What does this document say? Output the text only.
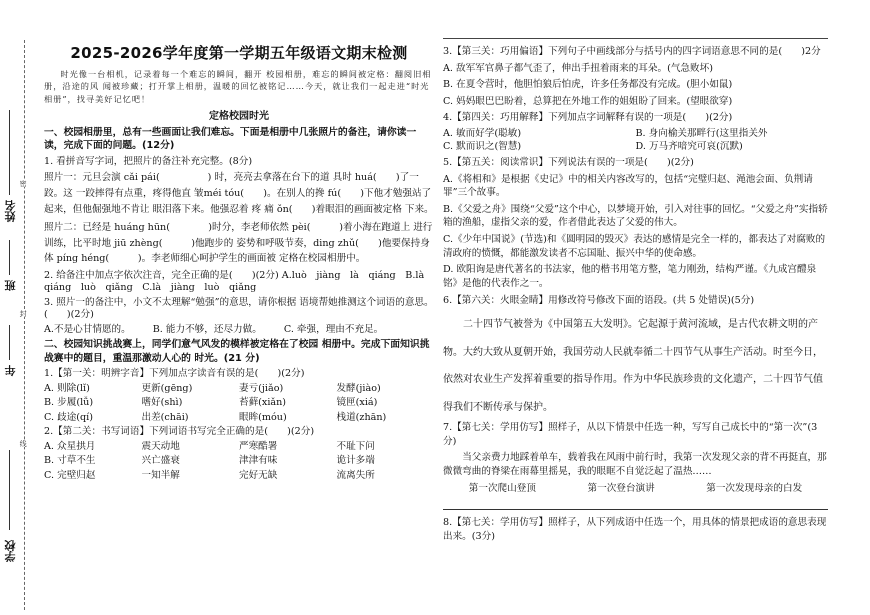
学校
年
班
姓名
密
封
线
2025-2026学年度第一学期五年级语文期末检测

时光像一台相机，记录着每一个难忘的瞬间，翻开 校园相册，难忘的瞬间被定格：翻阅旧相册，沿途的风 闻被珍藏；打开掌上相册，温暖的回忆被铭记……今天，就让我们一起走进“时光相册”，找寻美好记忆吧！

定格校园时光
一、校园相册里，总有一些画面让我们难忘。下面是相册中几张照片的备注，请你读一读，完成下面的问题。(12分)

1. 看拼音写字词，把照片的备注补充完整。(8分)

照片一：元旦会演 cǎi pái(　　　　　) 时，亮亮去拿落在台下的道 具时 huá(　　)了一跤。这 一跤摔得有点重，疼得他直 皱méi tóu(　　)。在别人的搀 fú(　　)下他才勉强站了起来，但他倔强地不肯让 眼泪落下来。他强忍着 疼 痛 ǒn(　　)着眼泪的画面被定格 下来。

照片二：已经是 huáng hūn(　　　　)时分，李老师依然 pèi(　　　)着小海在跑道上 进行训练，比平时地 jiū zhèng(　　　)他跑步的 姿势和呼吸节奏，ding zhǔ(　　)他要保持身体 píng héng(　　　)。李老师细心呵护学生的画面被 定格在校园相册中。

2. 给备注中加点字依次注音，完全正确的是(　　)(2分) A.luò　jiàng　là　qiáng　B.là　qiáng　luò　qiǎng　C.là　jiàng　luò　qiǎng

3. 照片一的备注中，小文不太理解“勉强”的意思，请你根据 语境帮她推测这个词语的意思。(　　)(2分)

A.不是心甘情愿的。 B. 能力不够，还尽力做。 C. 牵强，理由不充足。
二、校园知识挑战赛上，同学们意气风发的模样被定格在了校园 相册中。完成下面知识挑战赛中的题目，重温那激动人心的 时光。(21 分)

1.【第一关：明辨字音】下列加点字读音有误的是(　　)(2分)

A. 则除(lǐ)	更新(gēng)	妻亏(jiǎo)	发酵(jiào)
B. 步履(lǚ)	嗜好(shì)	苔藓(xiǎn)	镜匣(xiá)
C. 歧途(qí)	出差(chāi)	眼眸(móu)	栈道(zhān)

2.【第二关：书写词语】下列词语书写完全正确的是(　　)(2分)

A. 众星拱月	震天动地	严寒酷署	不耻下问
B. 寸草不生	兴亡盛衰	津津有味	诡计多端
C. 完壁归赵	一知半解	完好无缺	流离失所

3.【第三关：巧用偏语】下列句子中画线部分与括号内的四字词语意思不同的是(　　)2分

A. 敌军军官鼻子都气歪了，伸出手扭着雨来的耳朵。(气急败坏)

B. 在夏令营时，他胆怕狼后怕虎，许多任务都没有完成。(胆小如鼠)

C. 妈妈眼巴巴盼着，总算把在外地工作的姐姐盼了回来。(望眼欲穿)

4.【第四关：巧用解释】下列加点字词解释有误的一项是(　　)(2分)

A. 敏而好学(聪敏)	B. 身向榆关那畔行(这里指关外
C. 默而识之(智慧)	D. 万马齐喑究可哀(沉默)

5.【第五关：阅读常识】下列说法有误的一项是(　　)(2分)

A.《将相和》是根据《史记》中的相关内容改写的，包括“完璧归赵、渑池会面、负荆请罪”三个故事。

B.《父爱之舟》围绕“父爱”这个中心，以梦境开始，引入对往事的回忆。“父爱之舟”实指轿箱的渔船，虚指父亲的爱，作者借此表达了父爱的伟大。

C.《少年中国说》(节选)和《圆明园的毁灭》表达的感情是完全一样的，都表达了对腐败的清政府的愤慨，都能激发读者不忘国耻、振兴中华的使命感。

D. 欧阳询是唐代著名的书法家，他的楷书用笔方整，笔力刚劲，结构严谨。《九成宫醴泉铭》是他的代表作之一。

6.【第六关：火眼金睛】用修改符号修改下面的语段。(共 5 处错误)(5分)

二十四节气被誉为《中国第五大发明》。它起源于黄河流域，是古代农耕文明的产物。大约大致从夏朝开始，我国劳动人民就奉循二十四节气从事生产活动。时至今日，依然对农业生产发挥着重要的指导作用。作为中华民族珍贵的文化遗产，二十四节气值得我们不断传承与保护。

7.【第七关：学用仿写】照样子，从以下情景中任选一种，写写自己成长中的“第一次”(3分)

当父亲费力地踩着单车，载着我在风雨中前行时，我第一次发现父亲的背不再挺直，那微微弯曲的脊梁在雨幕里摇晃，我的眼眶不自觉泛起了温热……

第一次爬山登顶	第一次登台演讲	第一次发现母亲的白发

8.【第七关：学用仿写】照样子，从下列成语中任选一个，用具体的情景把成语的意思表现出来。(3分)
